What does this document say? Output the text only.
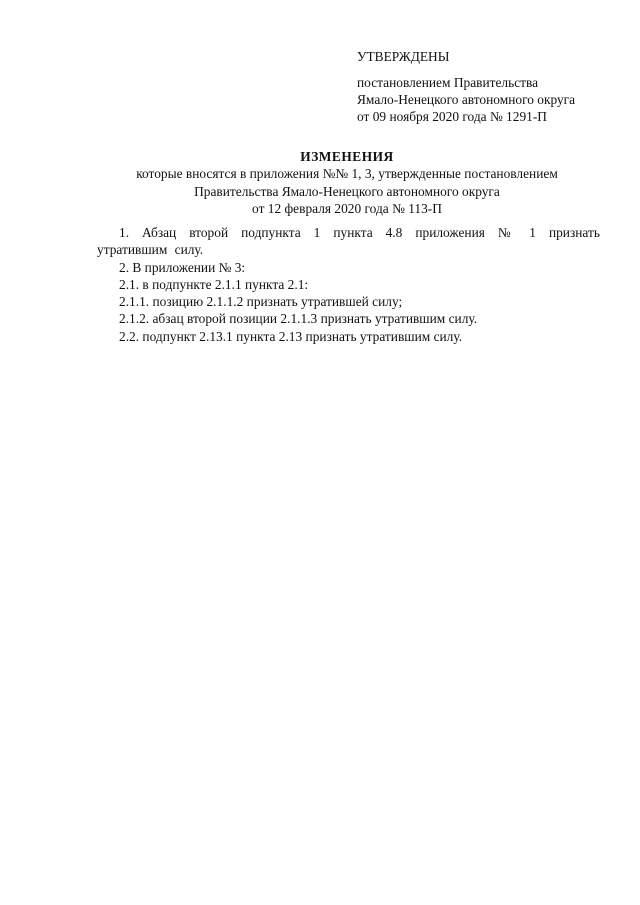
УТВЕРЖДЕНЫ
постановлением Правительства
Ямало-Ненецкого автономного округа
от 09 ноября 2020 года № 1291-П
ИЗМЕНЕНИЯ
которые вносятся в приложения №№ 1, 3, утвержденные постановлением
Правительства Ямало-Ненецкого автономного округа
от 12 февраля 2020 года № 113-П

1. Абзац второй подпункта 1 пункта 4.8 приложения № 1 признать утратившим силу.

2. В приложении № 3:

2.1. в подпункте 2.1.1 пункта 2.1:

2.1.1. позицию 2.1.1.2 признать утратившей силу;

2.1.2. абзац второй позиции 2.1.1.3 признать утратившим силу.

2.2. подпункт 2.13.1 пункта 2.13 признать утратившим силу.
